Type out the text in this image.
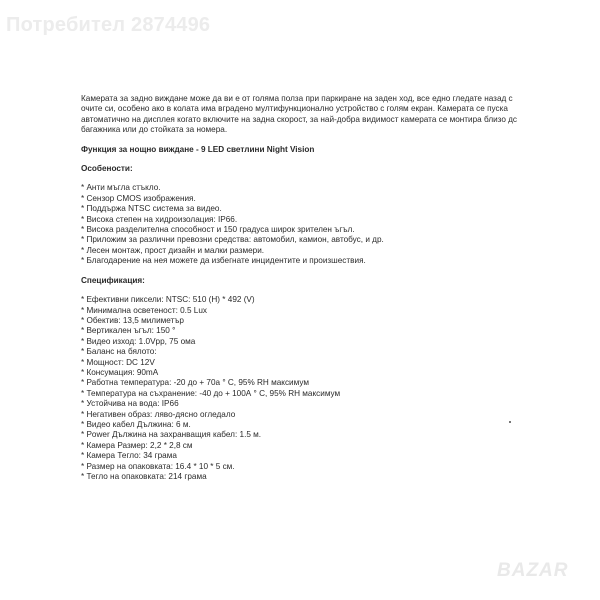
Потребител 2874496

Камерата за задно виждане може да ви е от голяма полза при паркиране на заден ход, все едно гледате назад с очите си, особено ако в колата има вградено мултифункционално устройство с голям екран. Камерата се пуска автоматично на дисплея когато включите на задна скорост, за най-добра видимост камерата се монтира близо дс багажника или до стойката за номера.

Функция за нощно виждане - 9 LED светлини Night Vision

Особености:

* Анти мъгла стъкло.
* Сензор CMOS изображения.
* Поддържа NTSC система за видео.
* Висока степен на хидроизолация: IP66.
* Висока разделителна способност и 150 градуса широк зрителен ъгъл.
* Приложим за различни превозни средства: автомобил, камион, автобус, и др.
* Лесен монтаж, прост дизайн и малки размери.
* Благодарение на нея можете да избегнате инцидентите и произшествия.

Спецификация:

* Ефективни пиксели: NTSC: 510 (H) * 492 (V)
* Минимална осветеност: 0.5 Lux
* Обектив: 13,5 милиметър
* Вертикален ъгъл: 150 °
* Видео изход: 1.0Vpp, 75 ома
* Баланс на бялото:
* Мощност: DC 12V
* Консумация: 90mA
* Работна температура: -20 до + 70а ° С, 95% RH максимум
* Температура на съхранение: -40 до + 100А ° С, 95% RH максимум
* Устойчива на вода: IP66
* Негативен образ: ляво-дясно огледало
* Видео кабел Дължина: 6 м.
* Power Дължина на захранващия кабел: 1.5 м.
* Камера Размер: 2,2 * 2,8 см
* Камера Тегло: 34 грама
* Размер на опаковката: 16.4 * 10 * 5 см.
* Тегло на опаковката: 214 грама
BAZAR
